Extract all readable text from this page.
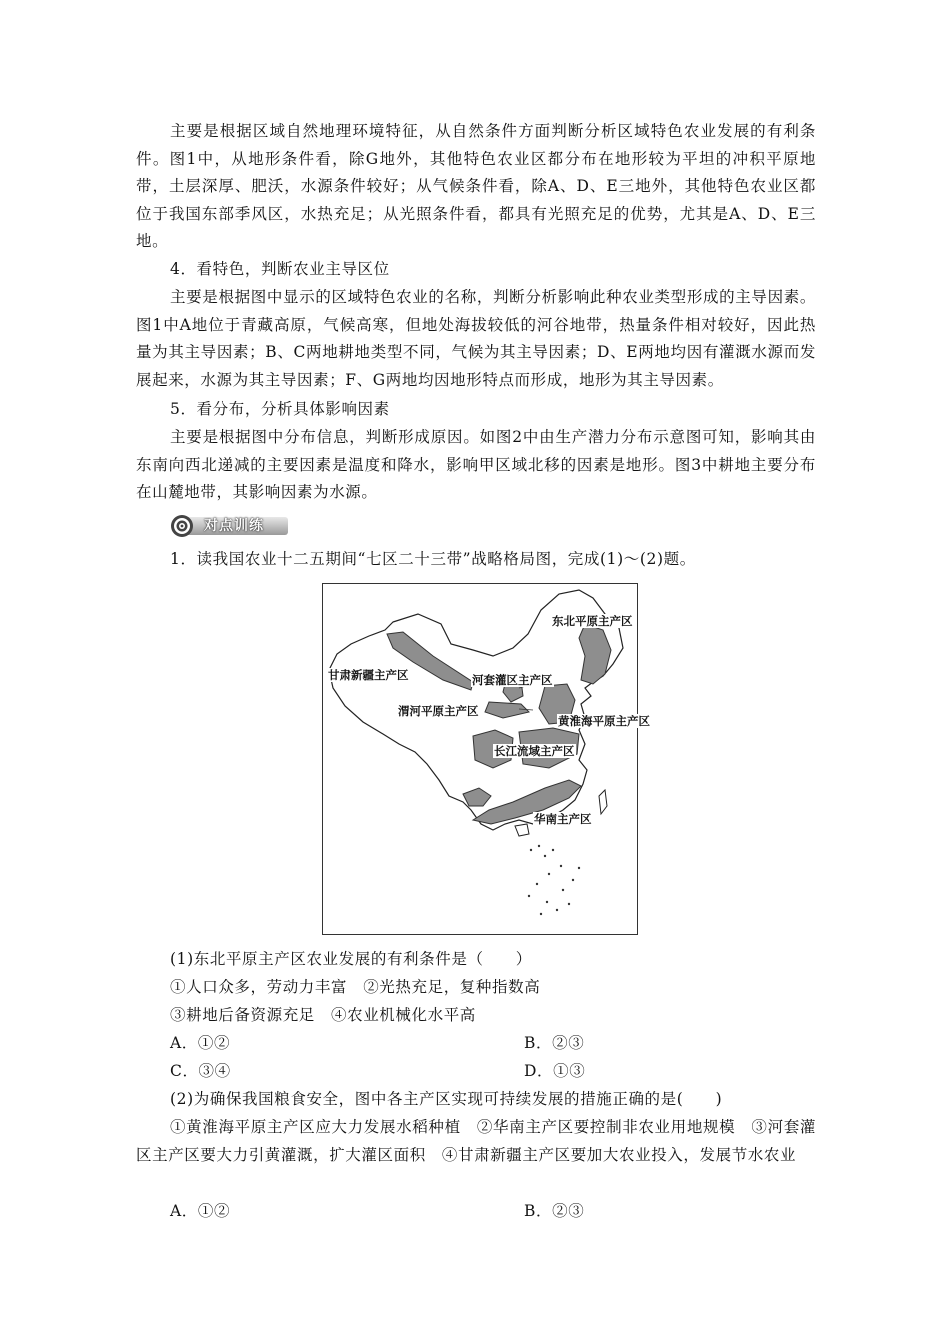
主要是根据区域自然地理环境特征，从自然条件方面判断分析区域特色农业发展的有利条件。图1中，从地形条件看，除G地外，其他特色农业区都分布在地形较为平坦的冲积平原地带，土层深厚、肥沃，水源条件较好；从气候条件看，除A、D、E三地外，其他特色农业区都位于我国东部季风区，水热充足；从光照条件看，都具有光照充足的优势，尤其是A、D、E三地。

4．看特色，判断农业主导区位

主要是根据图中显示的区域特色农业的名称，判断分析影响此种农业类型形成的主导因素。图1中A地位于青藏高原，气候高寒，但地处海拔较低的河谷地带，热量条件相对较好，因此热量为其主导因素；B、C两地耕地类型不同，气候为其主导因素；D、E两地均因有灌溉水源而发展起来，水源为其主导因素；F、G两地均因地形特点而形成，地形为其主导因素。

5．看分布，分析具体影响因素

主要是根据图中分布信息，判断形成原因。如图2中由生产潜力分布示意图可知，影响其由东南向西北递减的主要因素是温度和降水，影响甲区域北移的因素是地形。图3中耕地主要分布在山麓地带，其影响因素为水源。

对点训练

1．读我国农业十二五期间“七区二十三带”战略格局图，完成(1)～(2)题。

东北平原主产区
甘肃新疆主产区	河套灌区主产区
渭河平原主产区
黄淮海平原主产区
长江流域主产区
华南主产区

(1)东北平原主产区农业发展的有利条件是（　　）

①人口众多，劳动力丰富　②光热充足，复种指数高

③耕地后备资源充足　④农业机械化水平高

A．①②	B．②③

C．③④	D．①③

(2)为确保我国粮食安全，图中各主产区实现可持续发展的措施正确的是(　　)

①黄淮海平原主产区应大力发展水稻种植　②华南主产区要控制非农业用地规模　③河套灌区主产区要大力引黄灌溉，扩大灌区面积　④甘肃新疆主产区要加大农业投入，发展节水农业

A．①②	B．②③
